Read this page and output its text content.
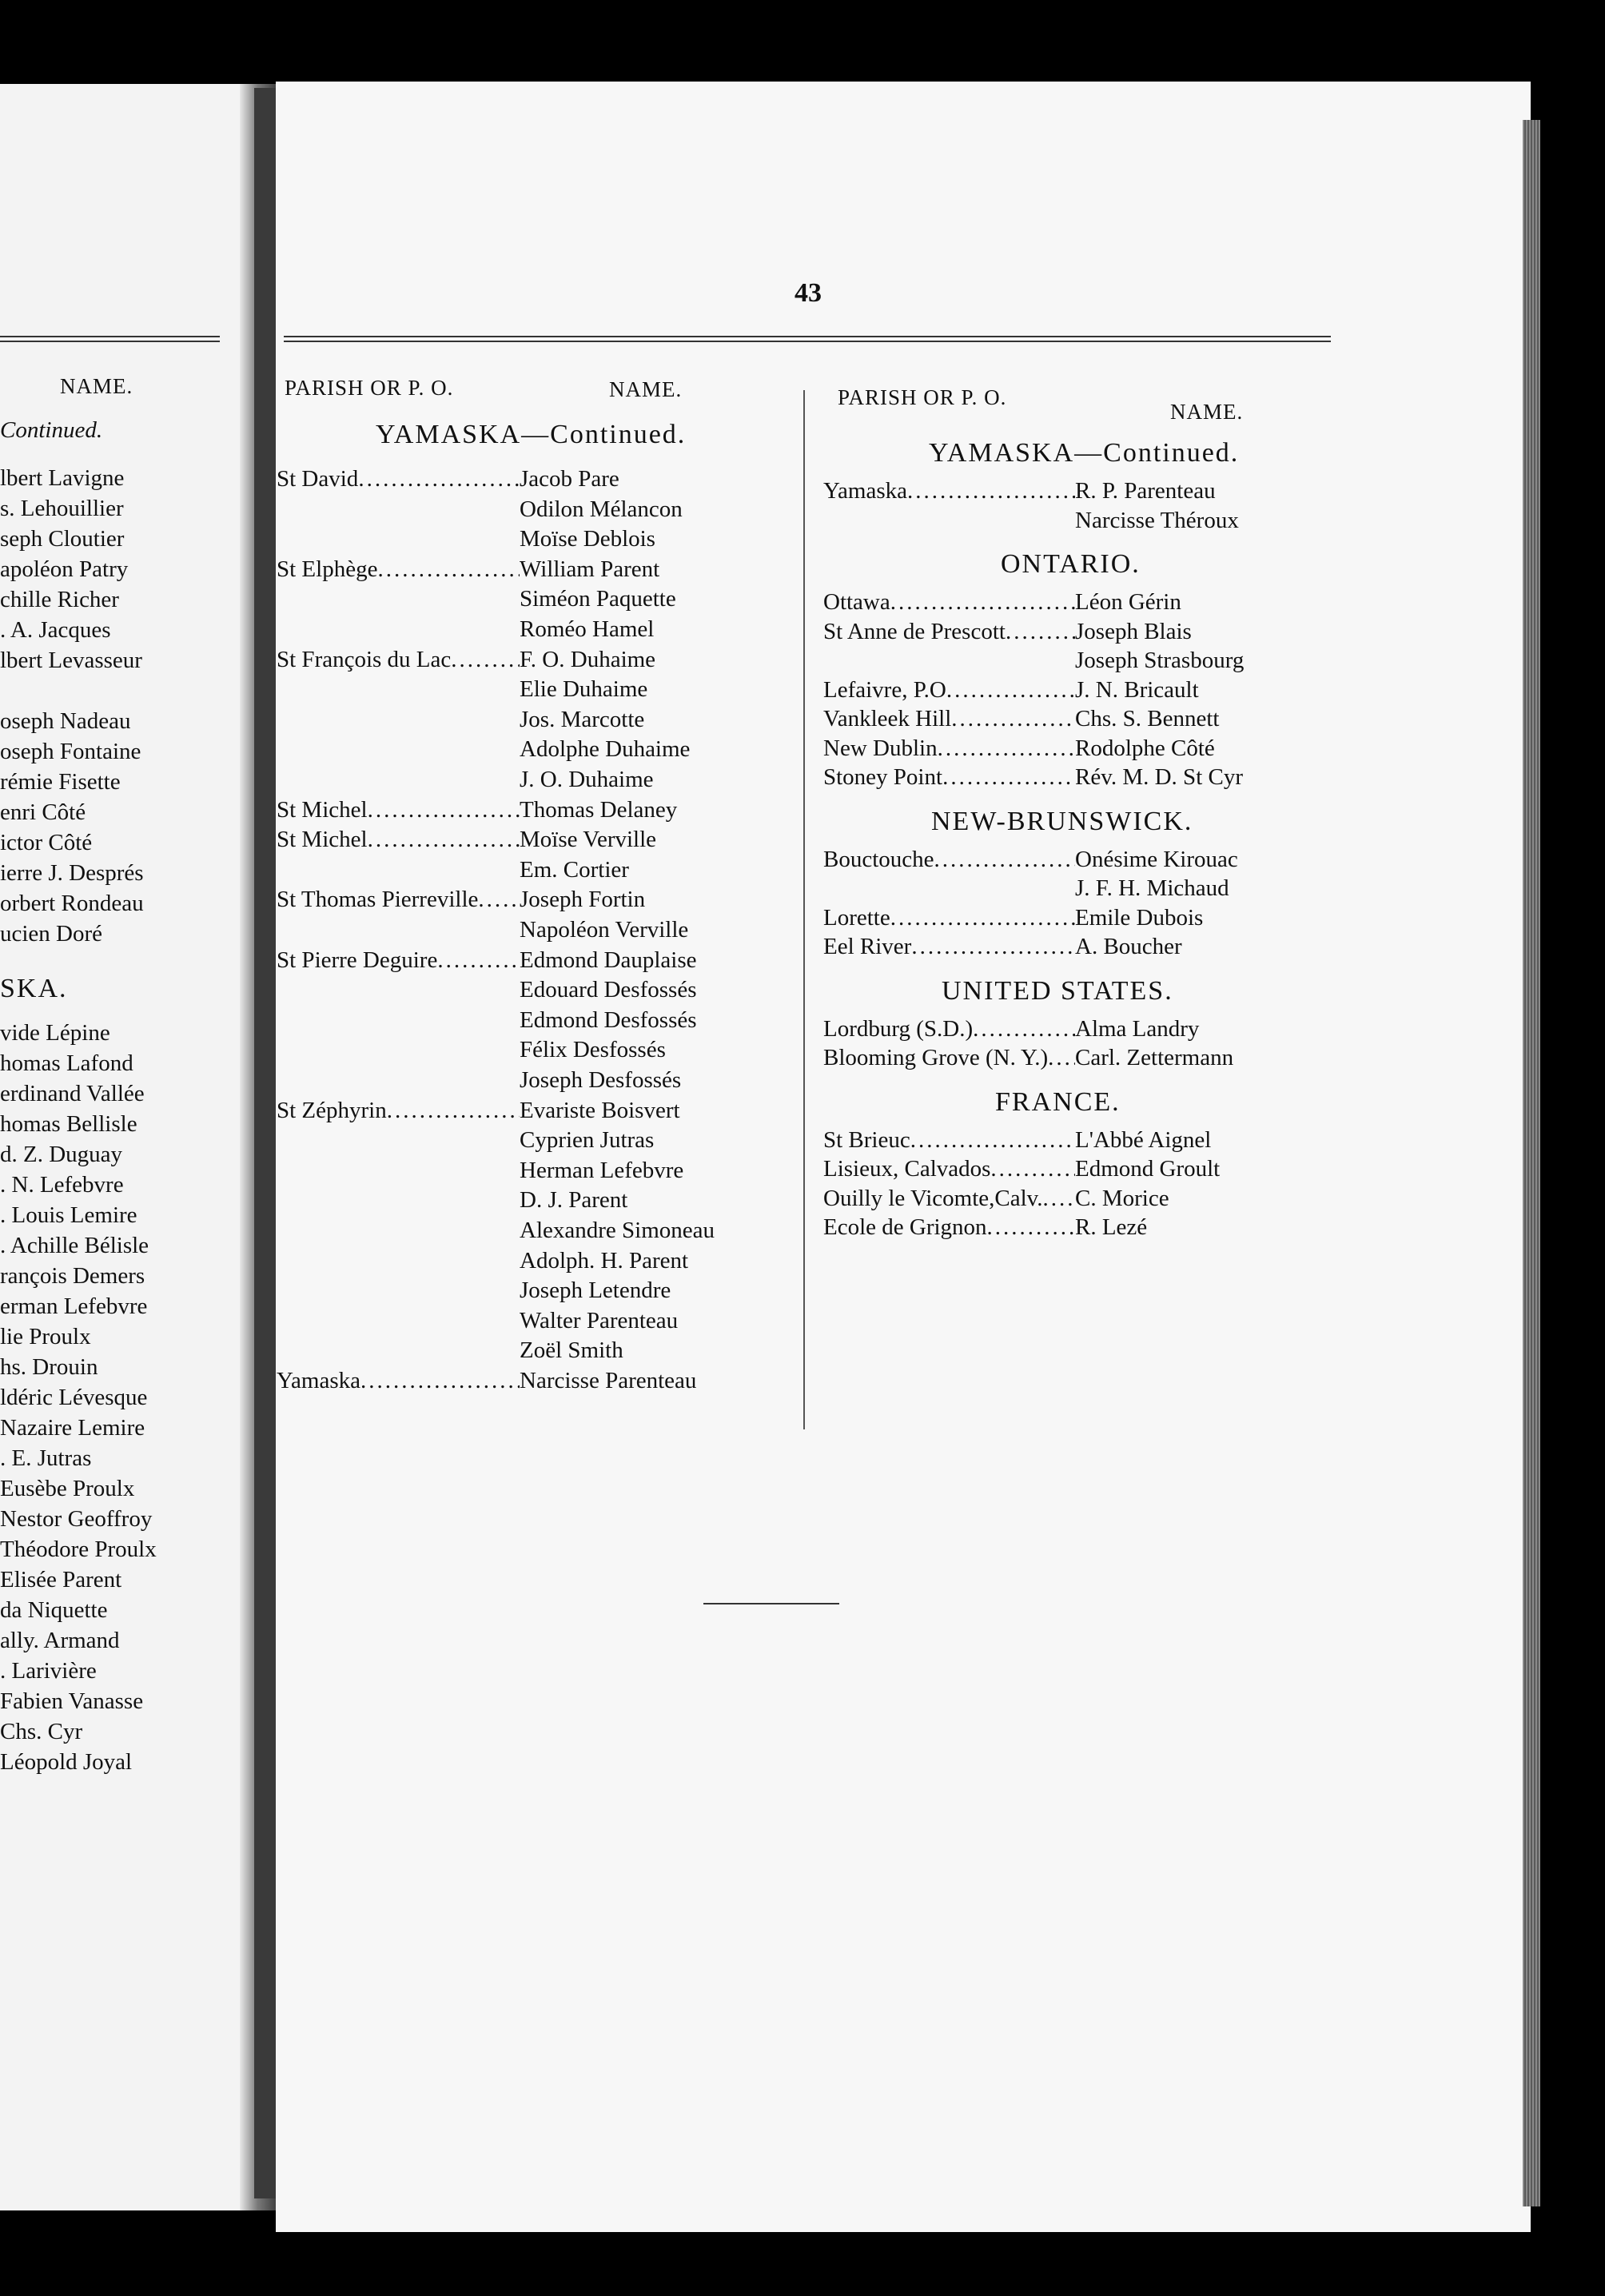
NAME.
Continued.
43
PARISH OR P. O.	NAME.
YAMASKA—Continued.
PARISH OR P. O.
NAME.
St David .....	Jacob Pare
Odilon Mélancon
Moïse Deblois
St Elphège .....	William Parent
Siméon Paquette
Roméo Hamel
St François du Lac .....	F. O. Duhaime
Elie Duhaime
Jos. Marcotte
Adolphe Duhaime
J. O. Duhaime
St Michel .....	Thomas Delaney
St Michel .....	Moïse Verville
Em. Cortier
St Thomas Pierreville ..... Joseph Fortin
Napoléon Verville
St Pierre Deguire .....	Edmond Dauplaise
Edouard Desfossés
Edmond Desfossés
Félix Desfossés
Joseph Desfossés
St Zéphyrin .....	Evariste Boisvert
Cyprien Jutras
Herman Lefebvre
D. J. Parent
Alexandre Simoneau
Adolph. H. Parent
Joseph Letendre
Walter Parenteau
Zoël Smith
Yamaska .....	Narcisse Parenteau
YAMASKA—Continued.
Yamaska .....	R. P. Parenteau
Narcisse Théroux
ONTARIO.
Ottawa .....	Léon Gérin
St Anne de Prescott .....	Joseph Blais
Joseph Strasbourg
Lefaivre, P.O .....	J. N. Bricault
Vankleek Hill .....	Chs. S. Bennett
New Dublin .....	Rodolphe Côté
Stoney Point .....	Rév. M. D. St Cyr
NEW-BRUNSWICK.
Bouctouche .....	Onésime Kirouac
J. F. H. Michaud
Lorette .....	Emile Dubois
Eel River .....	A. Boucher
UNITED STATES.
Lordburg (S.D.) .....	Alma Landry
Blooming Grove (N. Y.) ..... Carl. Zettermann
FRANCE.
St Brieuc .....	L'Abbé Aignel
Lisieux, Calvados .....	Edmond Groult
Ouilly le Vicomte,Calv. ..... C. Morice
Ecole de Grignon .....	R. Lezé
lbert Lavigne
s. Lehouillier
seph Cloutier
apoléon Patry
chille Richer
. A. Jacques
lbert Levasseur
oseph Nadeau
oseph Fontaine
rémie Fisette
enri Côté
ictor Côté
ierre J. Després
orbert Rondeau
ucien Doré
SKA.
vide Lépine
homas Lafond
erdinand Vallée
homas Bellisle
d. Z. Duguay
. N. Lefebvre
. Louis Lemire
. Achille Bélisle
rançois Demers
erman Lefebvre
lie Proulx
hs. Drouin
ldéric Lévesque
Nazaire Lemire
. E. Jutras
Eusèbe Proulx
Nestor Geoffroy
Théodore Proulx
Elisée Parent
da Niquette
ally. Armand
. Larivière
Fabien Vanasse
Chs. Cyr
Léopold Joyal
